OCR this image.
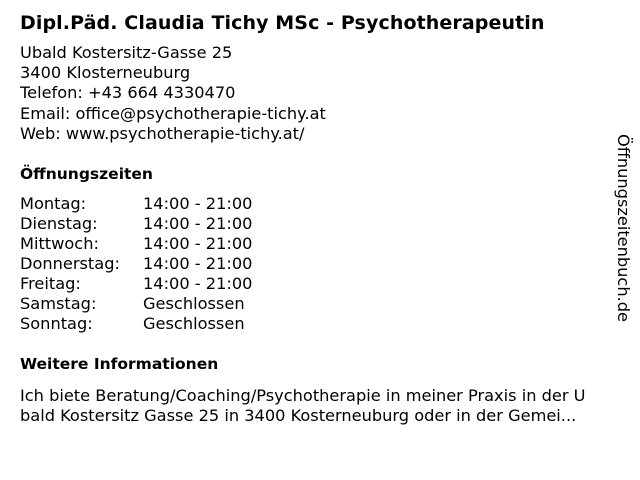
Dipl.Päd. Claudia Tichy MSc - Psychotherapeutin
Ubald Kostersitz-Gasse 25
3400 Klosterneuburg
Telefon: +43 664 4330470
Email: office@psychotherapie-tichy.at
Web: www.psychotherapie-tichy.at/
Öffnungszeiten
Montag:	14:00 - 21:00
Dienstag:	14:00 - 21:00
Mittwoch:	14:00 - 21:00
Donnerstag:	14:00 - 21:00
Freitag:	14:00 - 21:00
Samstag:	Geschlossen
Sonntag:	Geschlossen
Weitere Informationen
Ich biete Beratung/Coaching/Psychotherapie in meiner Praxis in der U
bald Kostersitz Gasse 25 in 3400 Kosterneuburg oder in der Gemei...
Öffnungszeitenbuch.de
